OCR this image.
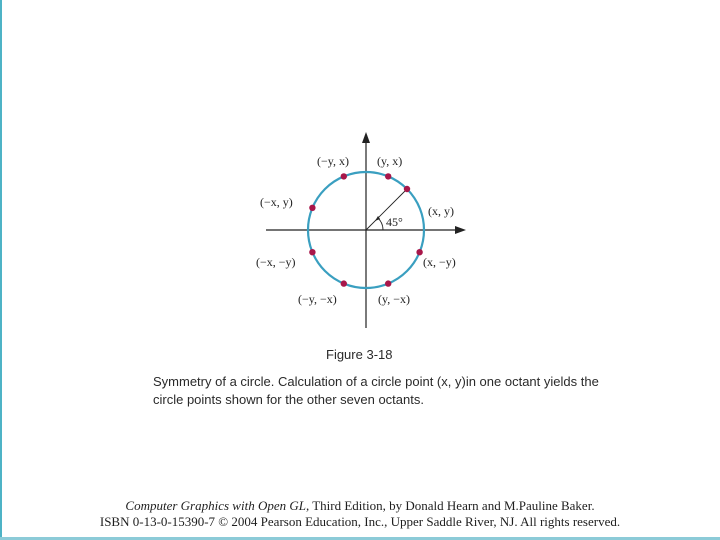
45°
(x, y)
(y, x)
(−y, x)
(−x, y)
(−x, −y)
(−y, −x)	(y, −x)
(x, −y)
Figure 3-18
Symmetry of a circle. Calculation of a circle point (x, y)in one octant yields the circle points shown for the other seven octants.
Computer Graphics with Open GL, Third Edition, by Donald Hearn and M.Pauline Baker.
ISBN 0-13-0-15390-7 © 2004 Pearson Education, Inc., Upper Saddle River, NJ. All rights reserved.
